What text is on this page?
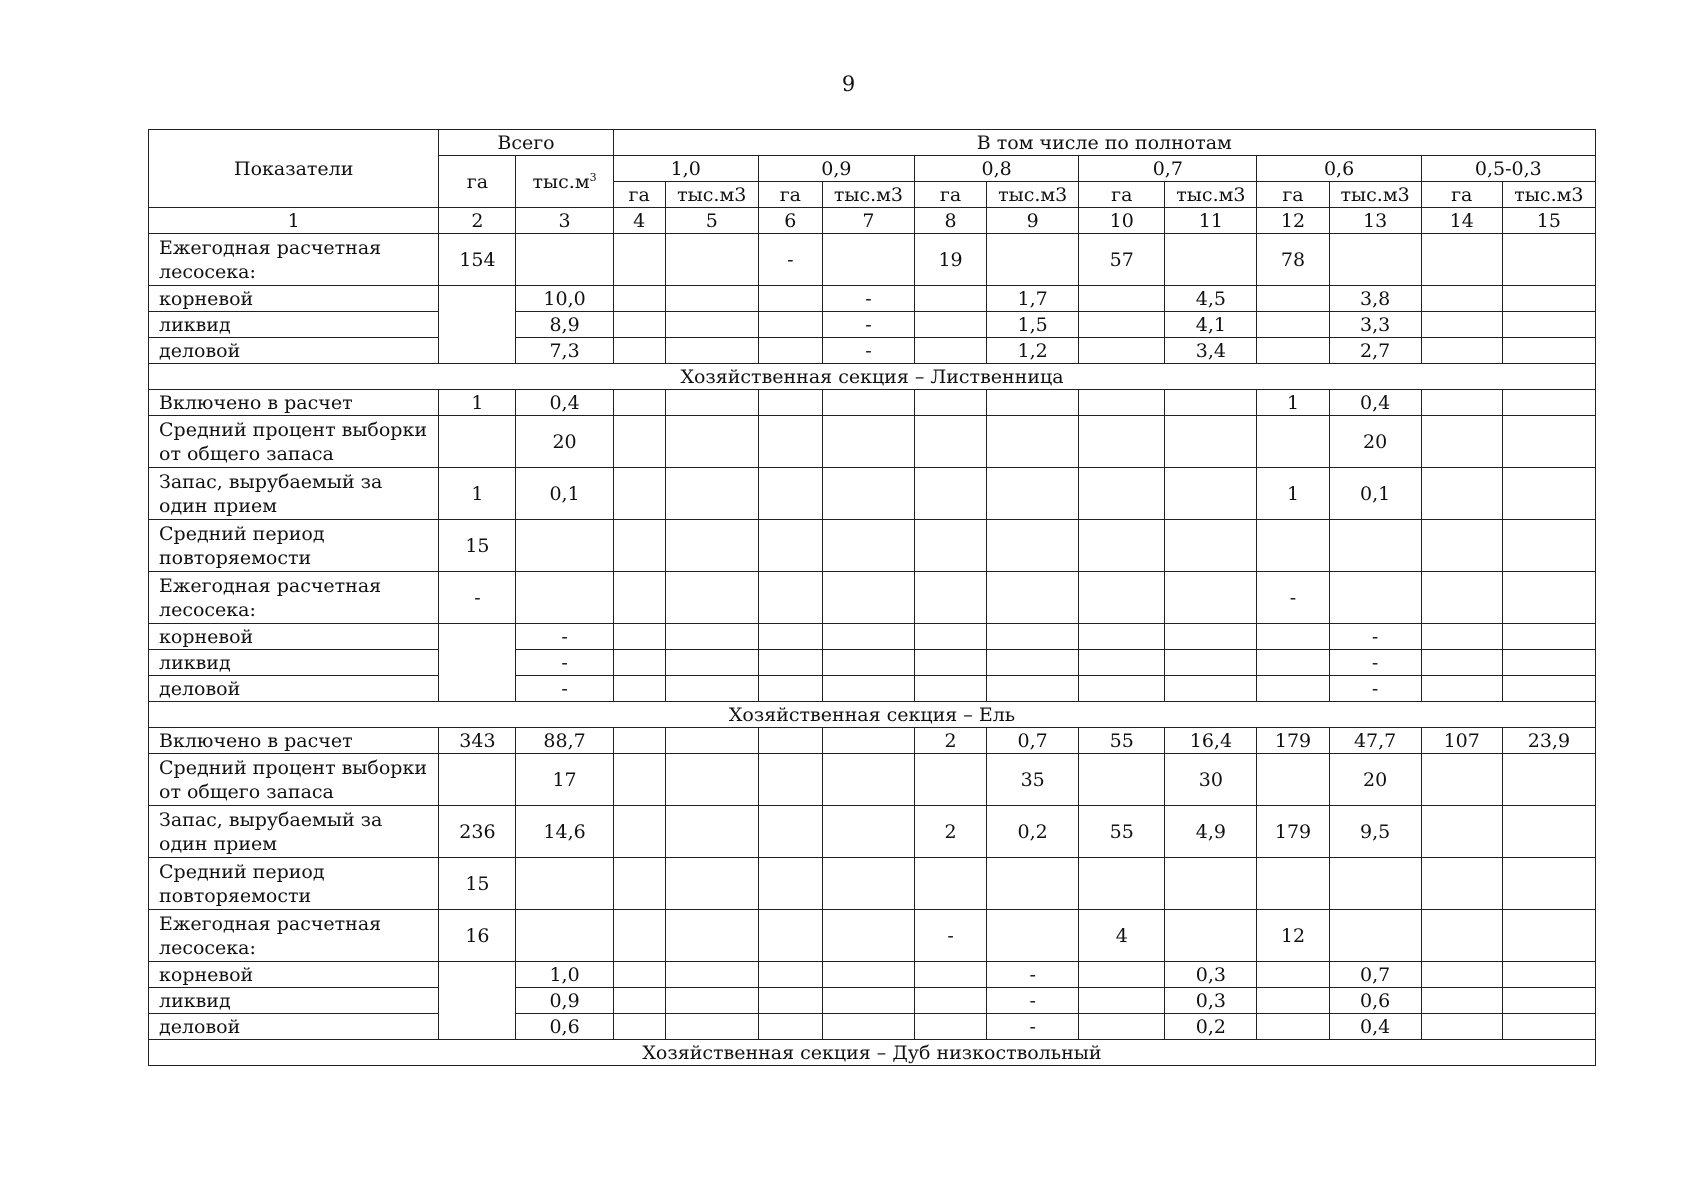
9
Показатели	Всего		В том числе по полнотам											
	га	$тыс.м^3$	1,0		0,9		0,8		0,7		0,6		0,5-0,3	
			га	тыс.м3	га	тыс.м3	га	тыс.м3	га	тыс.м3	га	тыс.м3	га	тыс.м3
1	2	3	4	5	6	7	8	9	10	11	12	13	14	15
Ежегодная расчетная лесосека:	154				-		19		57		78			
корневой		10,0				-		1,7		4,5		3,8		
ликвид		8,9				-		1,5		4,1		3,3		
деловой		7,3				-		1,2		3,4		2,7		
Хозяйственная секция – Лиственница														
Включено в расчет	1	0,4									1	0,4		
Средний процент выборки от общего запаса		20										20		
Запас, вырубаемый за один прием	1	0,1									1	0,1		
Средний период повторяемости	15													
Ежегодная расчетная лесосека:	-										-			
корневой		-										-		
ликвид		-										-		
деловой		-										-		
Хозяйственная секция – Ель														
Включено в расчет	343	88,7					2	0,7	55	16,4	179	47,7	107	23,9
Средний процент выборки от общего запаса		17						35		30		20		
Запас, вырубаемый за один прием	236	14,6					2	0,2	55	4,9	179	9,5		
Средний период повторяемости	15													
Ежегодная расчетная лесосека:	16						-		4		12			
корневой		1,0						-		0,3		0,7		
ликвид		0,9						-		0,3		0,6		
деловой		0,6						-		0,2		0,4		
Хозяйственная секция – Дуб низкоствольный														
